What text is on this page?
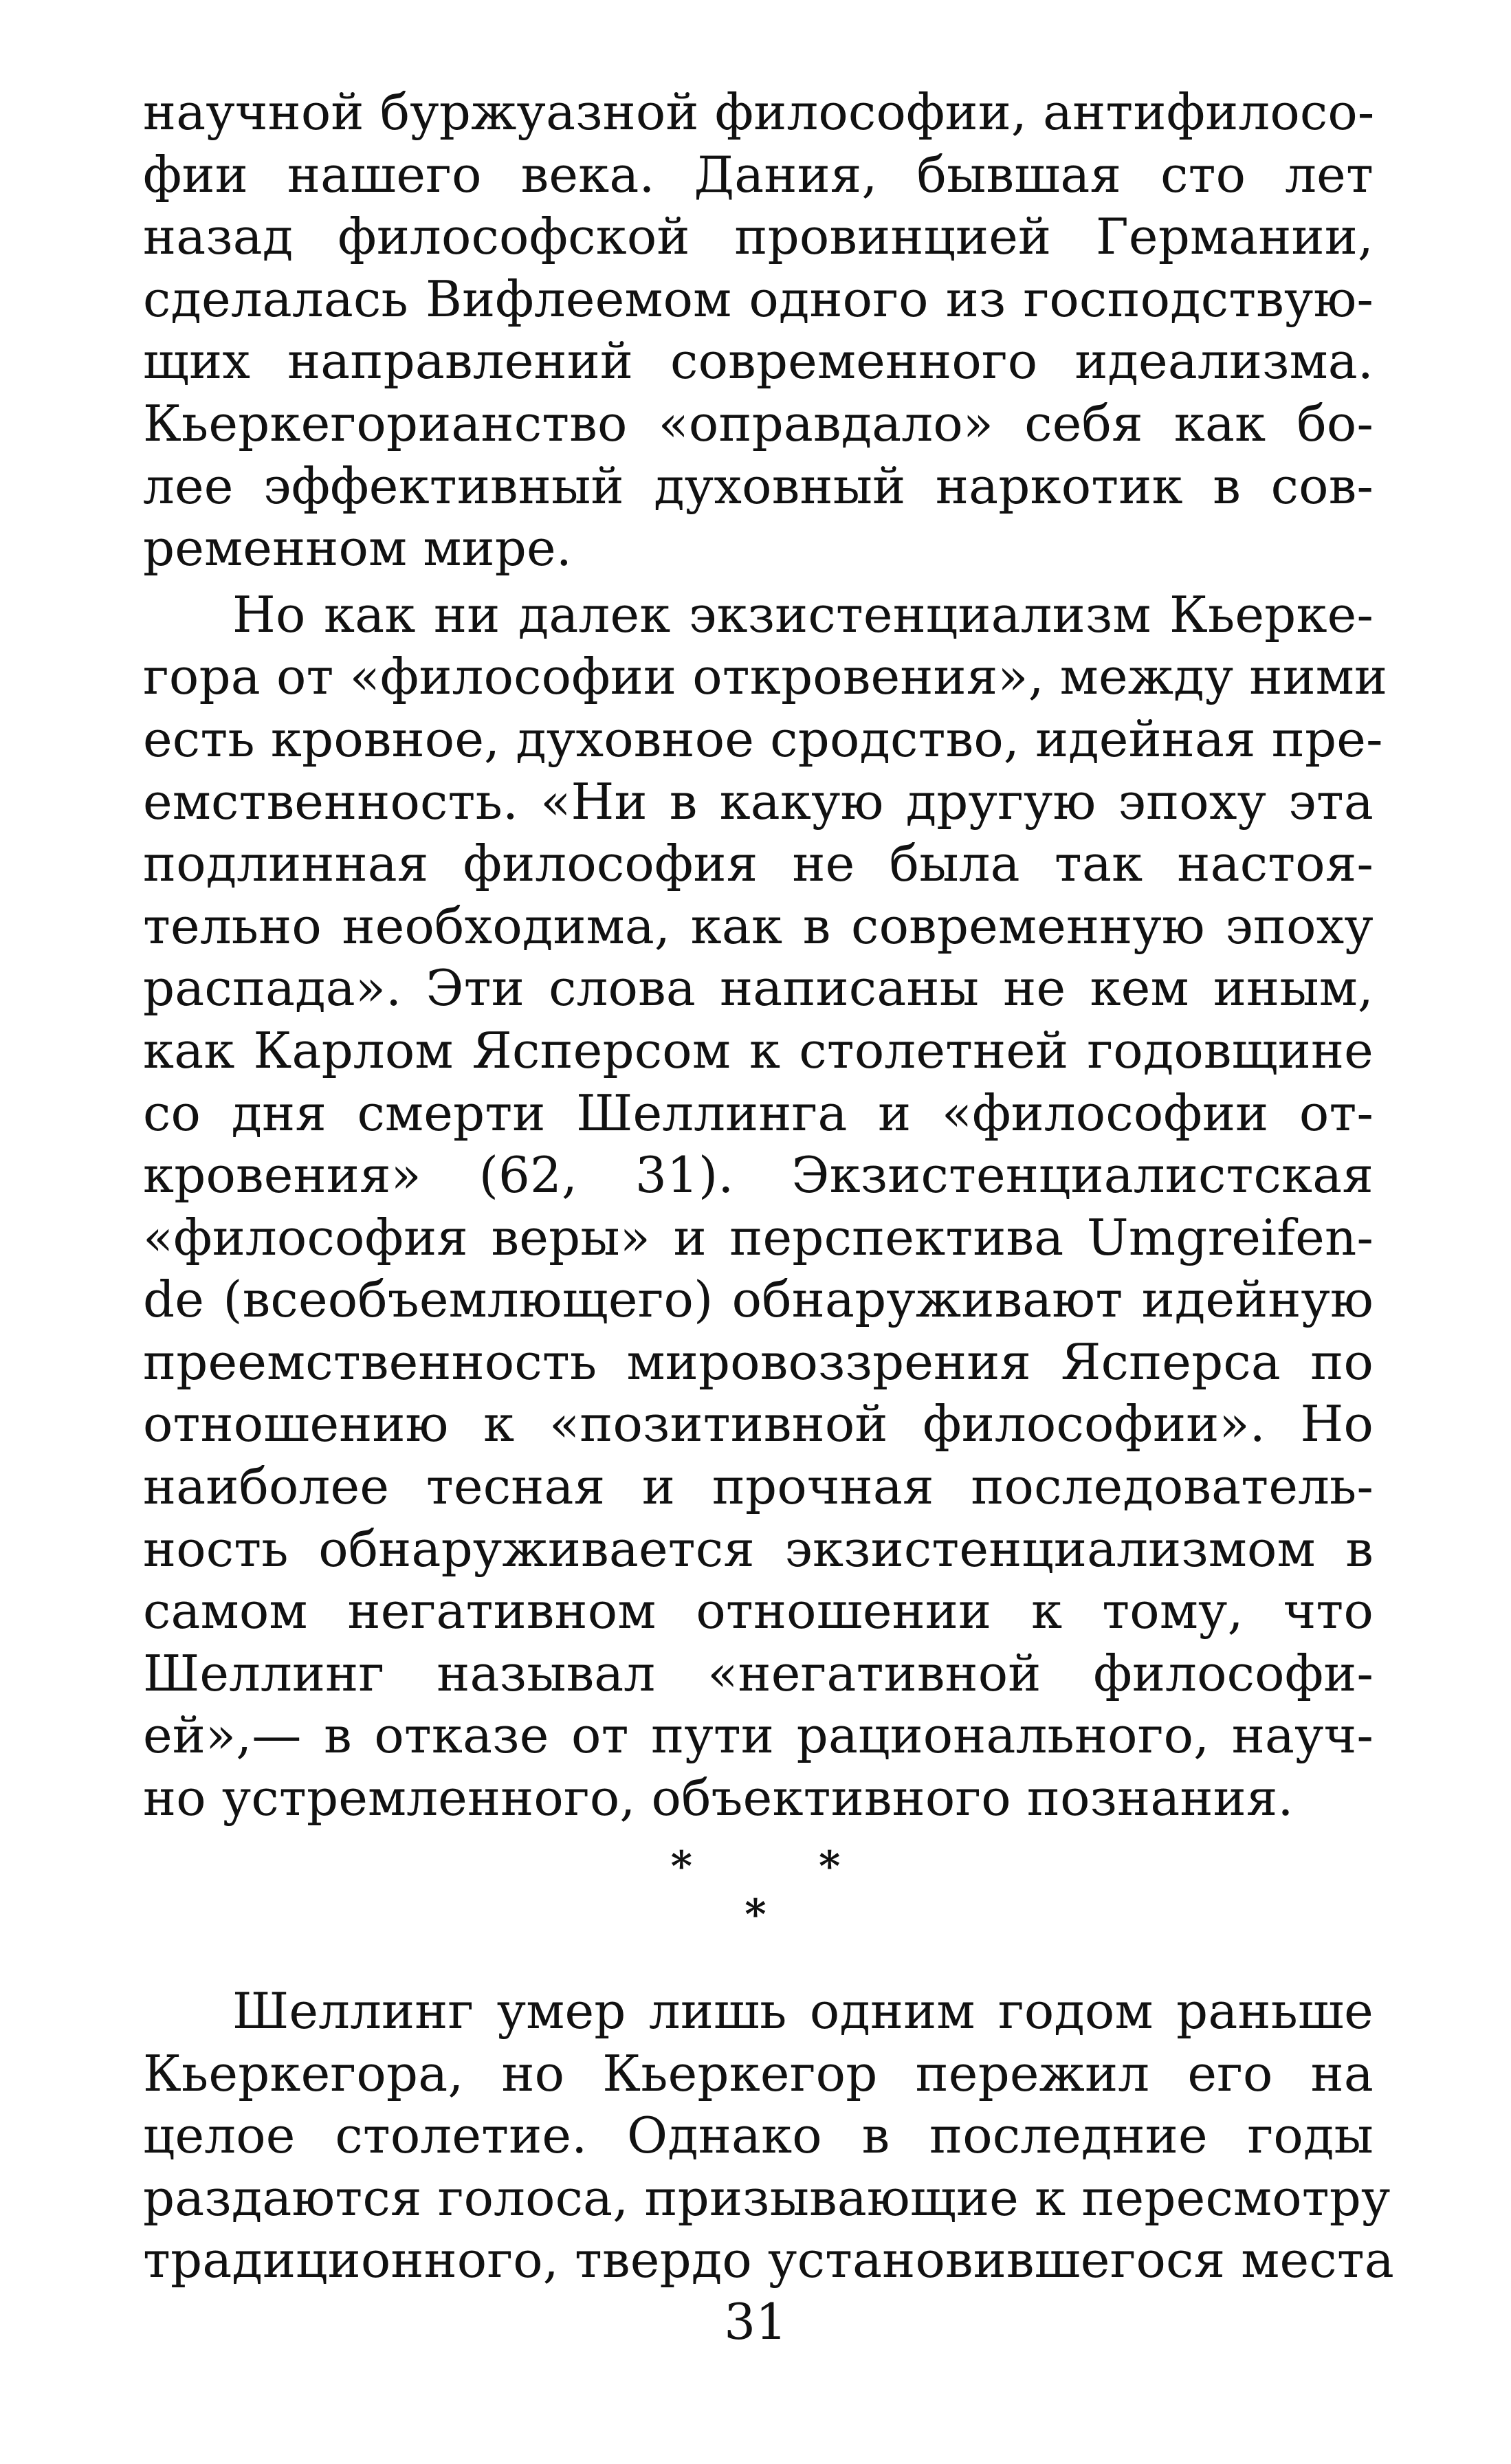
научной буржуазной философии, антифилосо-
фии нашего века. Дания, бывшая сто лет
назад философской провинцией Германии,
сделалась Вифлеемом одного из господствую-
щих направлений современного идеализма.
Кьеркегорианство «оправдало» себя как бо-
лее эффективный духовный наркотик в сов-
ременном мире.
Но как ни далек экзистенциализм Кьерке-
гора от «философии откровения», между ними
есть кровное, духовное сродство, идейная пре-
емственность. «Ни в какую другую эпоху эта
подлинная философия не была так настоя-
тельно необходима, как в современную эпоху
распада». Эти слова написаны не кем иным,
как Карлом Ясперсом к столетней годовщине
со дня смерти Шеллинга и «философии от-
кровения» (62, 31). Экзистенциалистская
«философия веры» и перспектива Umgreifen-
de (всеобъемлющего) обнаруживают идейную
преемственность мировоззрения Ясперса по
отношению к «позитивной философии». Но
наиболее тесная и прочная последователь-
ность обнаруживается экзистенциализмом в
самом негативном отношении к тому, что
Шеллинг называл «негативной философи-
ей»,— в отказе от пути рационального, науч-
но устремленного, объективного познания.
*	*
*
Шеллинг умер лишь одним годом раньше
Кьеркегора, но Кьеркегор пережил его на
целое столетие. Однако в последние годы
раздаются голоса, призывающие к пересмотру
традиционного, твердо установившегося места
31
